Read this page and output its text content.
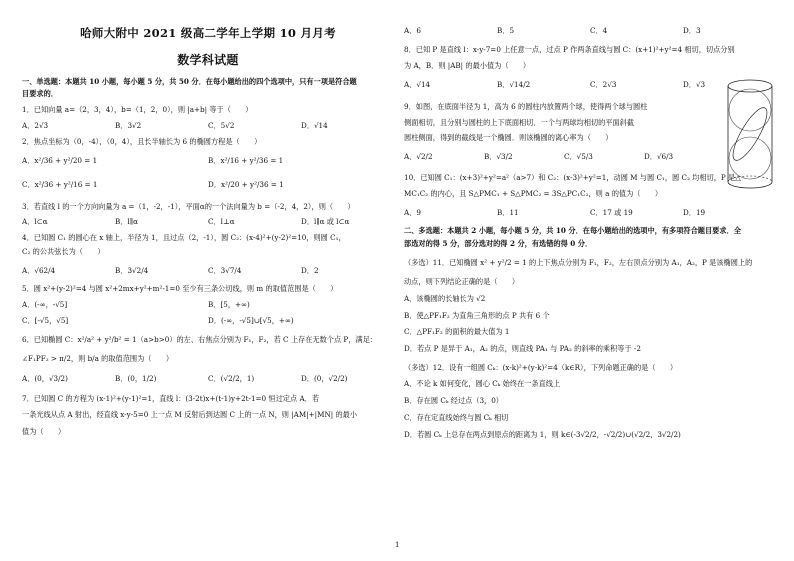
哈师大附中 2021 级高二学年上学期 10 月月考
数学科试题
一、单选题：本题共 10 小题，每小题 5 分，共 50 分．在每小题给出的四个选项中，只有一项是符合题
目要求的．
1．已知向量 a=（2，3，4），b=（1，2，0），则 |a+b| 等于（　　）
A．2√3	B．3√2	C．5√2	D．√14
2．焦点坐标为（0，-4），（0，4），且长半轴长为 6 的椭圆方程是（　　）
A．x²/36 + y²/20 = 1	B．x²/16 + y²/36 = 1
C．x²/36 + y²/16 = 1	D．x²/20 + y²/36 = 1
3．若直线 l 的一个方向向量为 a =（1，-2，-1），平面α的一个法向量为 b =（-2，4，2），则（　　）
A．l⊂α	B．l∥α	C．l⊥α	D．l∥α 或 l⊂α
4．已知圆 C₁ 的圆心在 x 轴上，半径为 1，且过点（2，-1），圆 C₂：(x-4)²+(y-2)²=10，则圆 C₁，
C₂ 的公共弦长为（　　）
A．√62/4	B．3√2/4	C．3√7/4	D．2
5．圆 x²+(y-2)²=4 与圆 x²+2mx+y²+m²-1=0 至少有三条公切线，则 m 的取值范围是（　　）
A．(-∞，-√5]	B．[5，+∞)
C．[-√5，√5]	D．(-∞，-√5]∪[√5，+∞)
6．已知椭圆 C：x²/a² + y²/b² = 1（a>b>0）的左、右焦点分别为 F₁，F₂，若 C 上存在无数个点 P，满足：
∠F₁PF₂ > π/2，则 b/a 的取值范围为（　　）
A．(0，√3/2)	B．(0，1/2)	C．(√2/2，1)	D．(0，√2/2)
7．已知圆 C 的方程为 (x-1)²+(y-1)²=1，直线 l：(3-2t)x+(t-1)y+2t-1=0 恒过定点 A．若
一条光线从点 A 射出，经直线 x-y-5=0 上一点 M 反射后到达圆 C 上的一点 N，则 |AM|+|MN| 的最小
值为（　　）
A．6	B．5	C．4	D．3
8．已知 P 是直线 l：x-y-7=0 上任意一点，过点 P 作两条直线与圆 C：(x+1)²+y²=4 相切，切点分别
为 A，B．则 |AB| 的最小值为（　　）
A．√14	B．√14/2	C．2√3	D．√3
9．如图，在底面半径为 1，高为 6 的圆柱内放置两个球，使得两个球与圆柱
侧面相切，且分别与圆柱的上下底面相切．一个与两球均相切的平面斜截
圆柱侧面，得到的截线是一个椭圆．则该椭圆的离心率为（　　）
A．√2/2	B．√3/2	C．√5/3	D．√6/3
10．已知圆 C₁：(x+3)²+y²=a²（a>7）和 C₂：(x-3)²+y²=1，动圆 M 与圆 C₁，圆 C₂ 均相切，P 是△
MC₁C₂ 的内心，且 S△PMC₁ + S△PMC₂ = 3S△PC₁C₂，则 a 的值为（　　）
A．9	B．11	C．17 或 19	D．19
二、多选题：本题共 2 小题，每小题 5 分，共 10 分．在每小题给出的选项中，有多项符合题目要求．全
部选对的得 5 分，部分选对的得 2 分，有选错的得 0 分．
（多选）11．已知椭圆 x² + y²/2 = 1 的上下焦点分别为 F₁，F₂，左右顶点分别为 A₁，A₂，P 是该椭圆上的
动点，则下列结论正确的是（　　）
A．该椭圆的长轴长为 √2
B．使△PF₁F₂ 为直角三角形的点 P 共有 6 个
C．△PF₁F₂ 的面积的最大值为 1
D．若点 P 是异于 A₁，A₂ 的点，则直线 PA₁ 与 PA₂ 的斜率的乘积等于 -2
（多选）12．设有一组圆 Cₖ：(x-k)²+(y-k)²=4（k∈R），下列命题正确的是（　　）
A．不论 k 如何变化，圆心 Cₖ 始终在一条直线上
B．存在圆 Cₖ 经过点（3，0）
C．存在定直线始终与圆 Cₖ 相切
D．若圆 Cₖ 上总存在两点到原点的距离为 1，则 k∈(-3√2/2，-√2/2)∪(√2/2，3√2/2)
1
